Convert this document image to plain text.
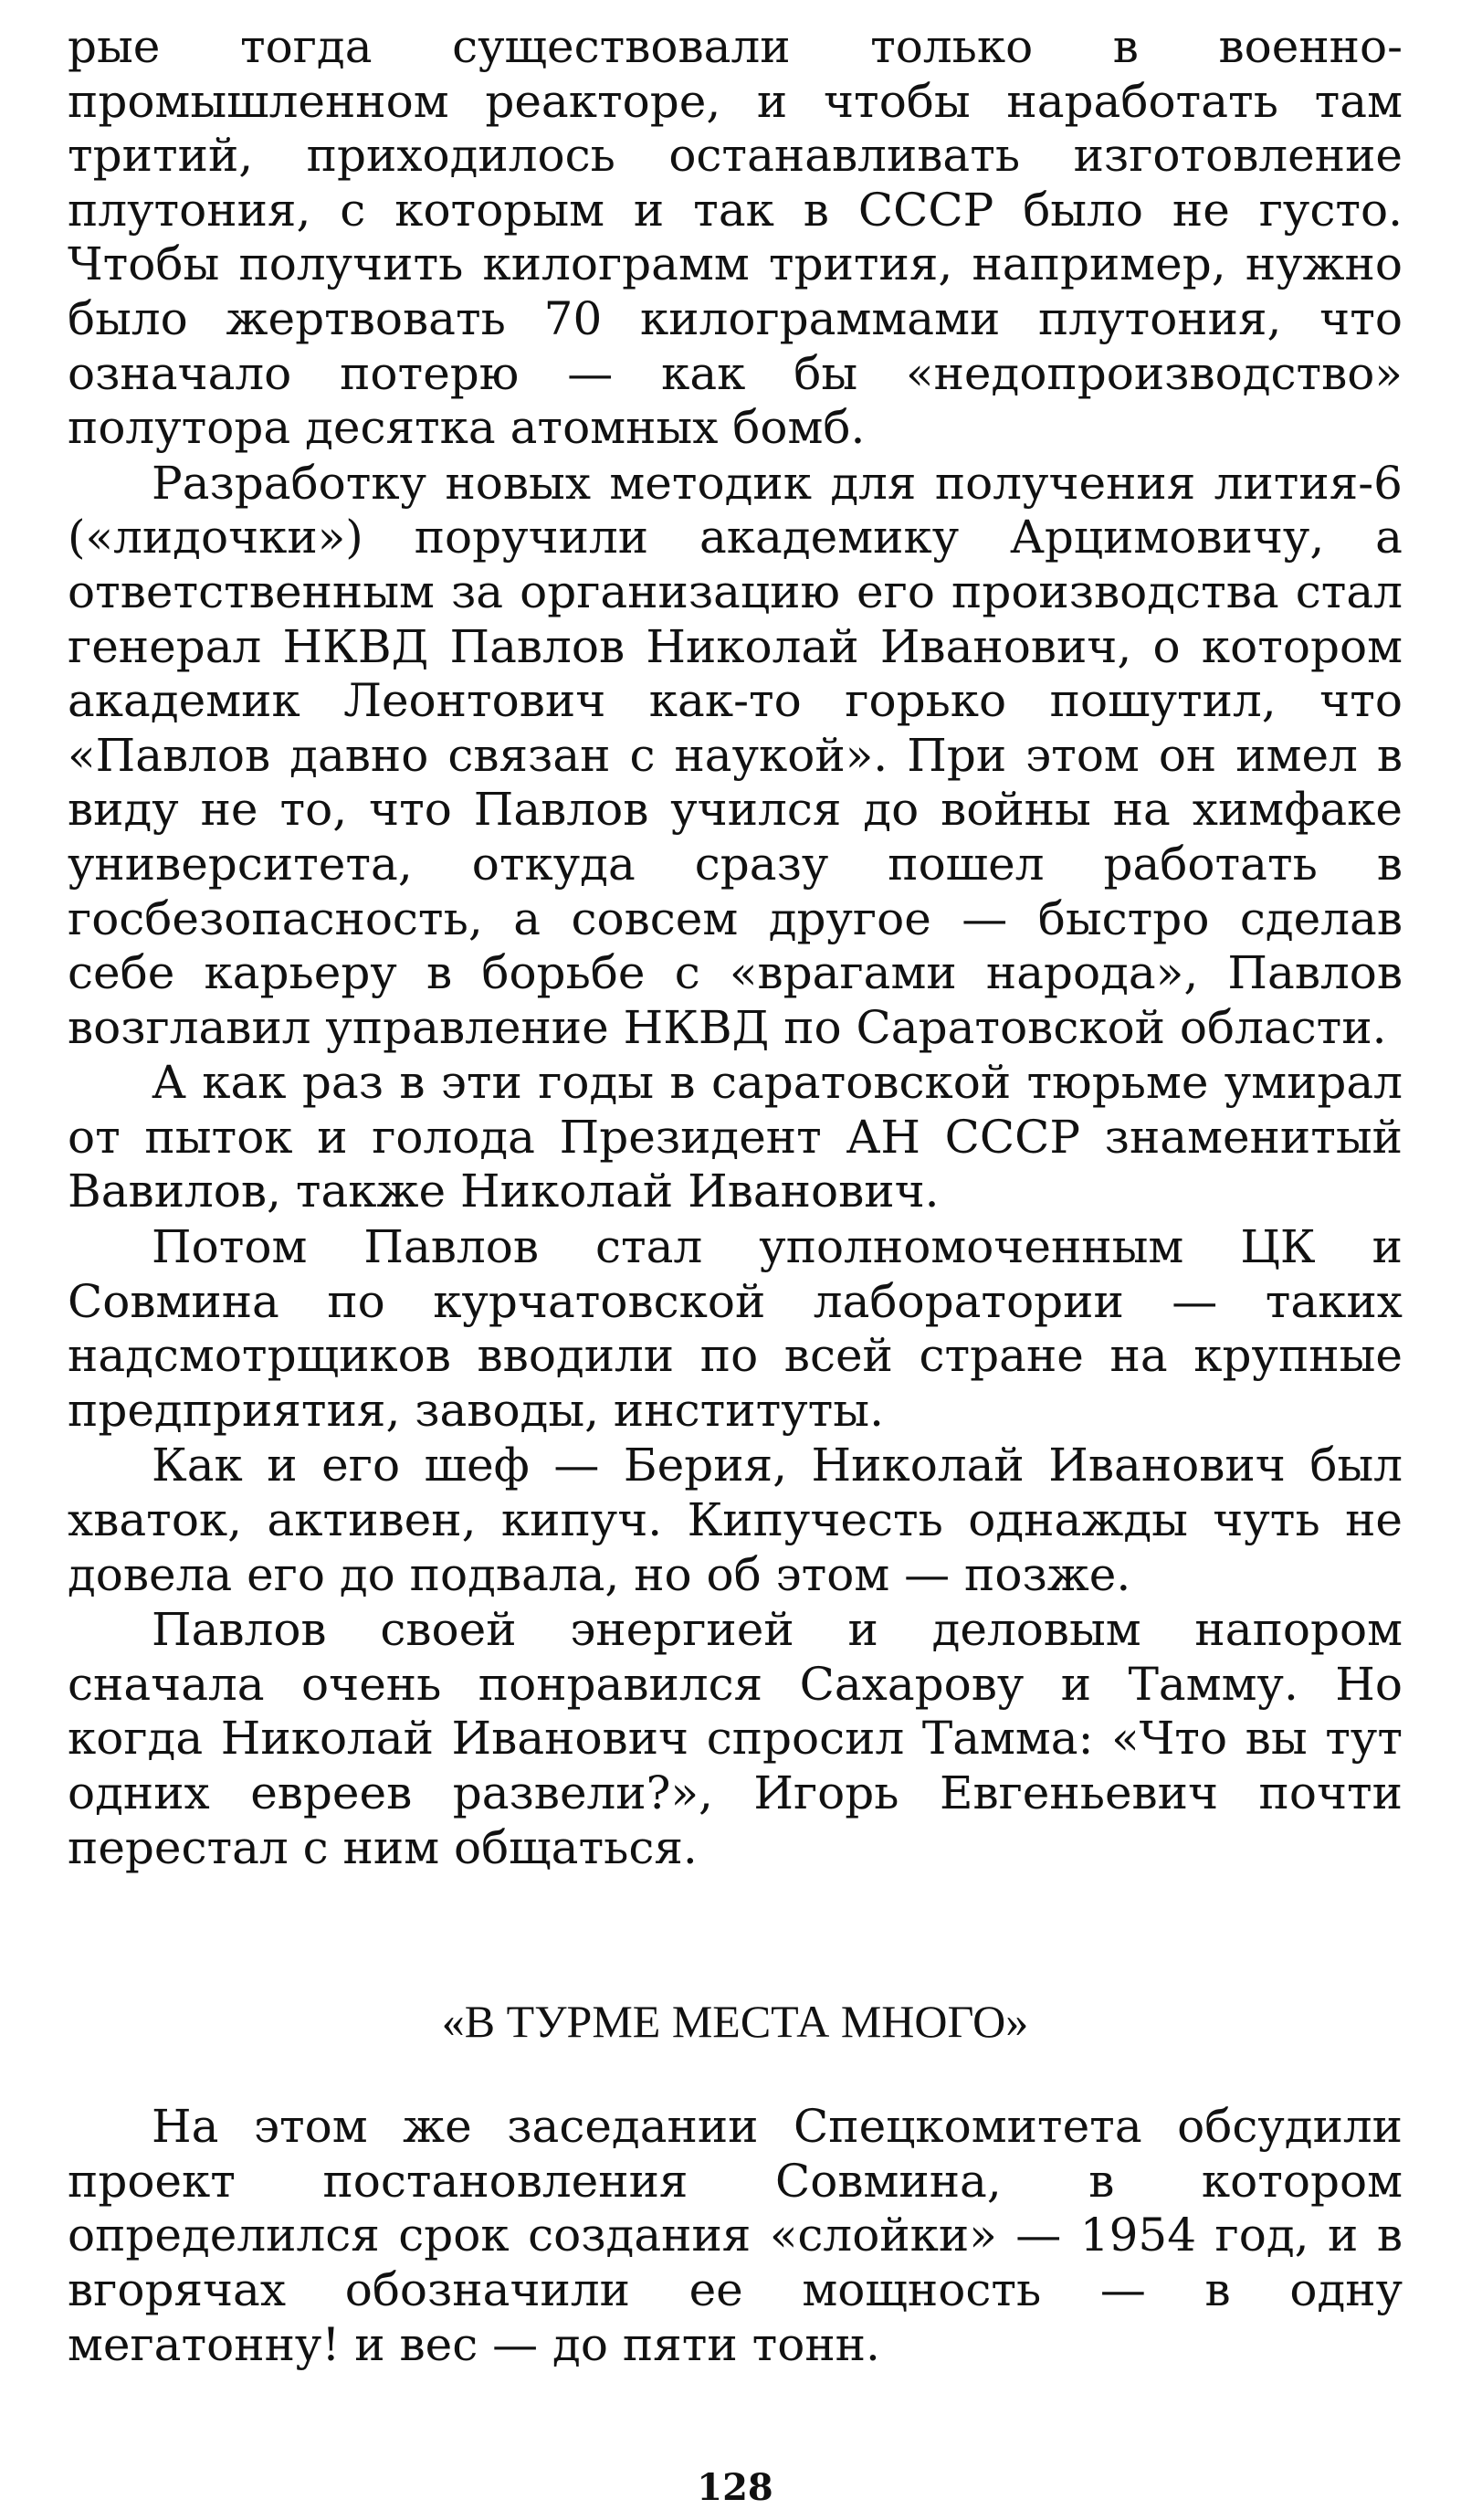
рые тогда существовали только в военно-промышленном реакторе, и чтобы наработать там тритий, приходилось останавливать изготовление плутония, с которым и так в СССР было не густо. Чтобы получить килограмм трития, например, нужно было жертвовать 70 килограммами плутония, что означало потерю — как бы «недопроизводство» полутора десятка атомных бомб.

Разработку новых методик для получения лития-6 («лидочки») поручили академику Арцимовичу, а ответственным за организацию его производства стал генерал НКВД Павлов Николай Иванович, о котором академик Леонтович как-то горько пошутил, что «Павлов давно связан с наукой». При этом он имел в виду не то, что Павлов учился до войны на химфаке университета, откуда сразу пошел работать в госбезопасность, а совсем другое — быстро сделав себе карьеру в борьбе с «врагами народа», Павлов возглавил управление НКВД по Саратовской области.

А как раз в эти годы в саратовской тюрьме умирал от пыток и голода Президент АН СССР знаменитый Вавилов, также Николай Иванович.

Потом Павлов стал уполномоченным ЦК и Совмина по курчатовской лаборатории — таких надсмотрщиков вводили по всей стране на крупные предприятия, заводы, институты.

Как и его шеф — Берия, Николай Иванович был хваток, активен, кипуч. Кипучесть однажды чуть не довела его до подвала, но об этом — позже.

Павлов своей энергией и деловым напором сначала очень понравился Сахарову и Тамму. Но когда Николай Иванович спросил Тамма: «Что вы тут одних евреев развели?», Игорь Евгеньевич почти перестал с ним общаться.

«В ТУРМЕ МЕСТА МНОГО»

На этом же заседании Спецкомитета обсудили проект постановления Совмина, в котором определился срок создания «слойки» — 1954 год, и в вгорячах обозначили ее мощность — в одну мегатонну! и вес — до пяти тонн.

128
